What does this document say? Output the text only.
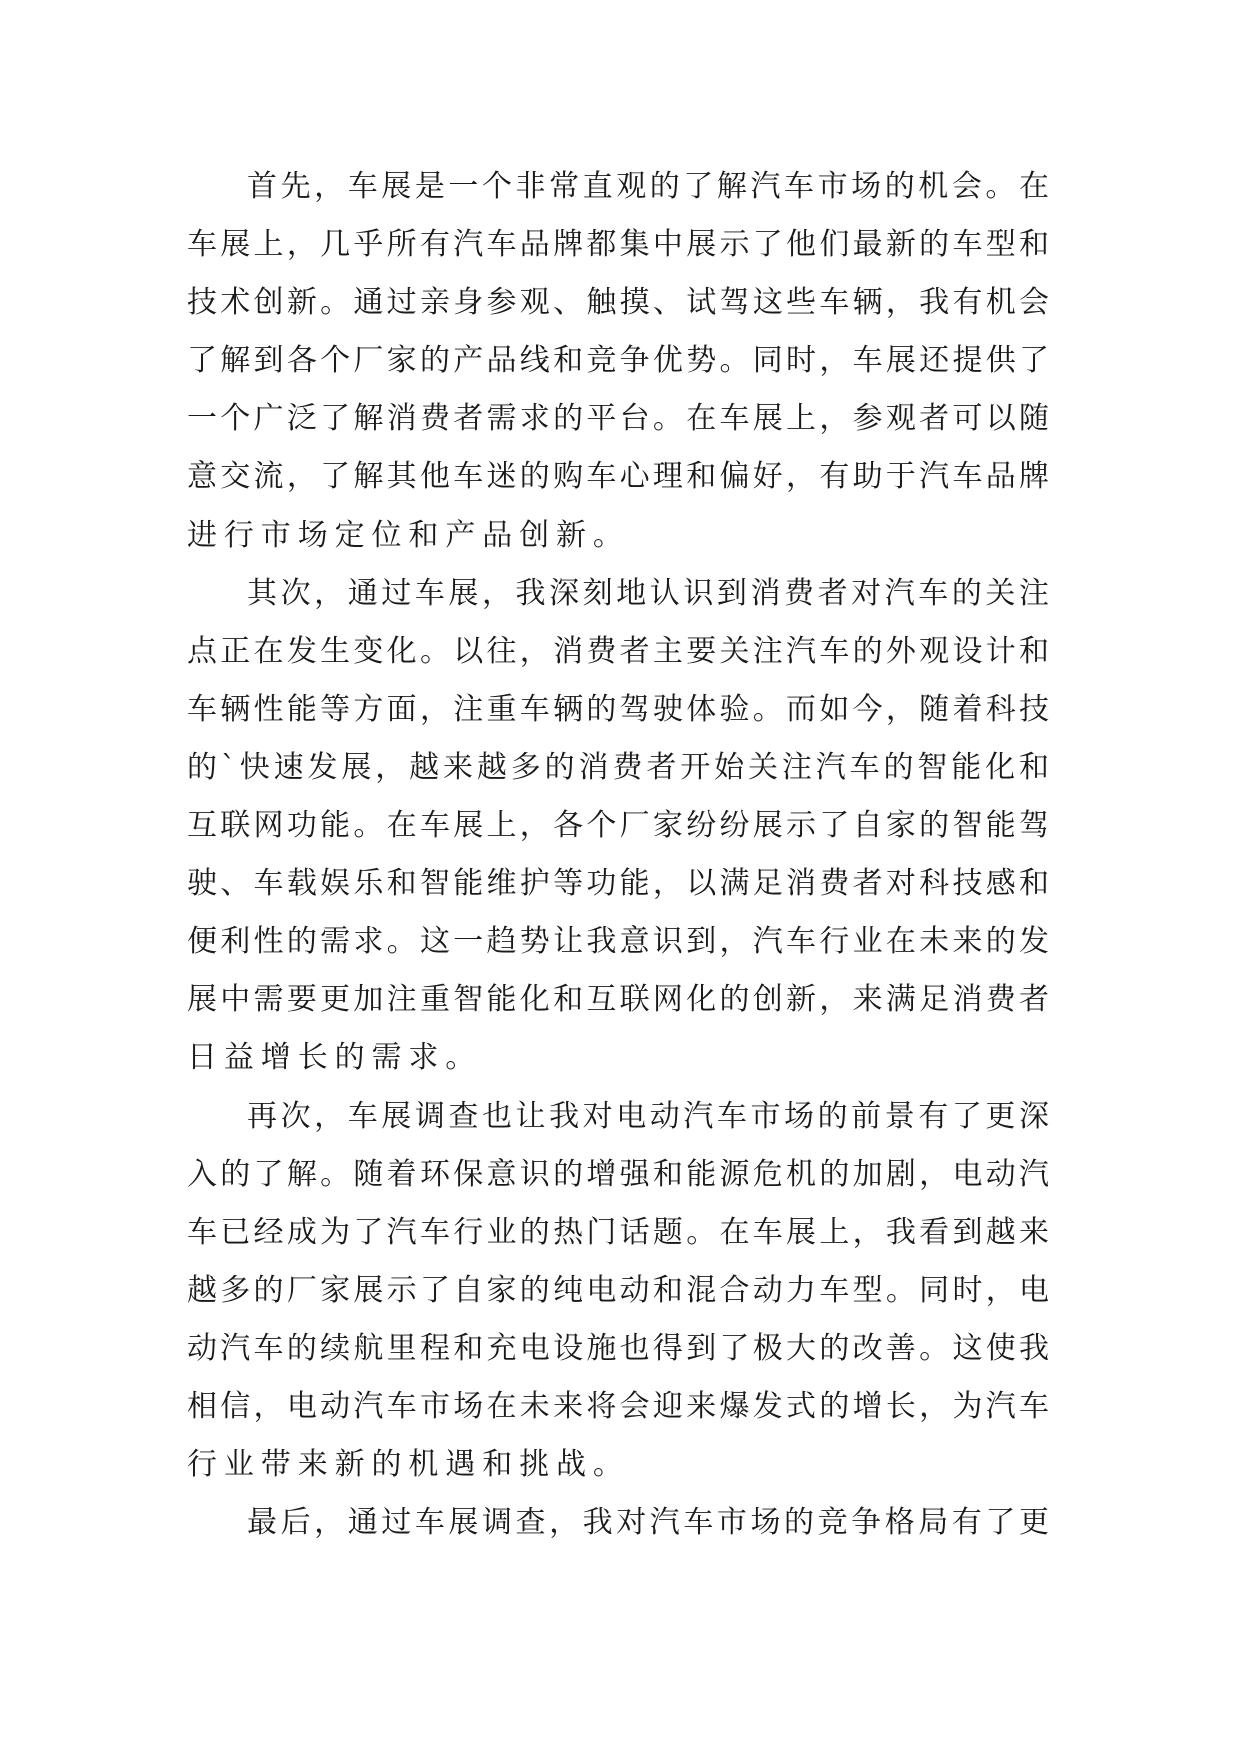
首先，车展是一个非常直观的了解汽车市场的机会。在
车展上，几乎所有汽车品牌都集中展示了他们最新的车型和
技术创新。通过亲身参观、触摸、试驾这些车辆，我有机会
了解到各个厂家的产品线和竞争优势。同时，车展还提供了
一个广泛了解消费者需求的平台。在车展上，参观者可以随
意交流，了解其他车迷的购车心理和偏好，有助于汽车品牌
进行市场定位和产品创新。
其次，通过车展，我深刻地认识到消费者对汽车的关注
点正在发生变化。以往，消费者主要关注汽车的外观设计和
车辆性能等方面，注重车辆的驾驶体验。而如今，随着科技
的`快速发展，越来越多的消费者开始关注汽车的智能化和
互联网功能。在车展上，各个厂家纷纷展示了自家的智能驾
驶、车载娱乐和智能维护等功能，以满足消费者对科技感和
便利性的需求。这一趋势让我意识到，汽车行业在未来的发
展中需要更加注重智能化和互联网化的创新，来满足消费者
日益增长的需求。
再次，车展调查也让我对电动汽车市场的前景有了更深
入的了解。随着环保意识的增强和能源危机的加剧，电动汽
车已经成为了汽车行业的热门话题。在车展上，我看到越来
越多的厂家展示了自家的纯电动和混合动力车型。同时，电
动汽车的续航里程和充电设施也得到了极大的改善。这使我
相信，电动汽车市场在未来将会迎来爆发式的增长，为汽车
行业带来新的机遇和挑战。
最后，通过车展调查，我对汽车市场的竞争格局有了更
